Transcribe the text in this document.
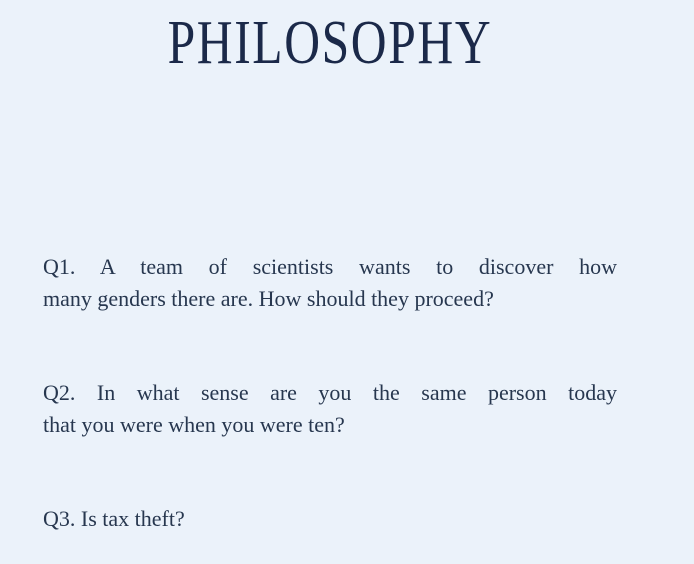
PHILOSOPHY
Q1. A team of scientists wants to discover how
many genders there are. How should they proceed?
Q2. In what sense are you the same person today
that you were when you were ten?
Q3. Is tax theft?
